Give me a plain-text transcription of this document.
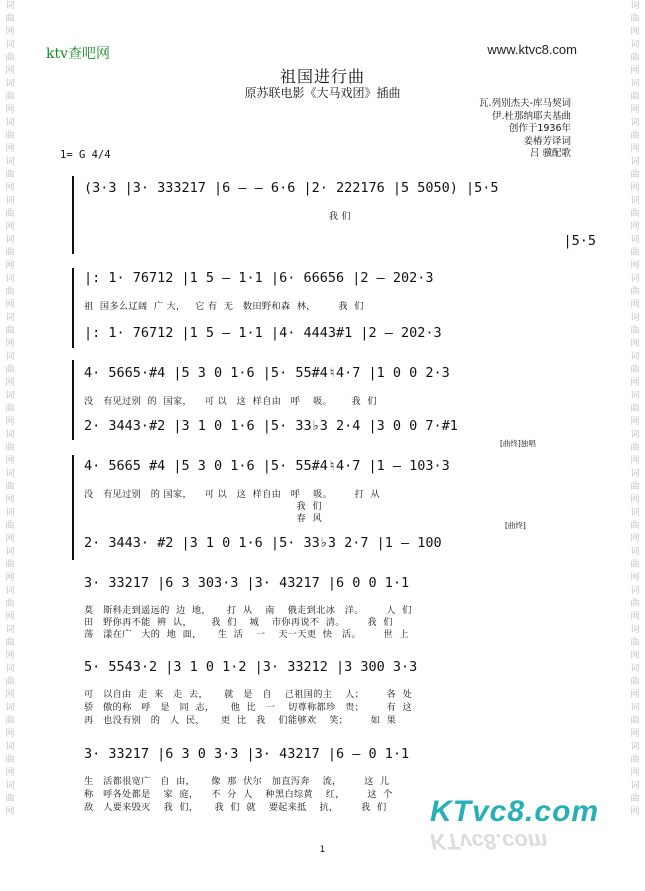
词曲网词曲网词曲网词曲网词曲网词曲网词曲网词曲网词曲网词曲网词曲网词曲网词曲网词曲网词曲网词曲网词曲网词曲网词曲网词曲网词曲网
词曲网词曲网词曲网词曲网词曲网词曲网词曲网词曲网词曲网词曲网词曲网词曲网词曲网词曲网词曲网词曲网词曲网词曲网词曲网词曲网词曲网
ktv查吧网	www.ktvc8.com
祖国进行曲
原苏联电影《大马戏团》插曲
瓦.列别杰夫-库马契词
伊.杜那纳耶夫基曲
创作于1936年
姜椿芳译词
吕 骥配歌
1= G 4/4
(3·3 |3· 333217 |6 — — 6·6 |2· 222176 |5 5050) |5·5
我 们
|5·5
|: 1· 76712 |1 5 — 1·1 |6· 66656 |2 — 202·3
祖  国多么辽阔  广 大，   它 有  无   数田野和森  林，       我  们
|: 1· 76712 |1 5 — 1·1 |4· 4443#1 |2 — 202·3
4· 5665·#4 |5 3 0 1·6 |5· 55#4♮4·7 |1 0 0 2·3
没   有见过别  的  国家，    可 以   这  样自由   呼    吸。      我  们
2· 3443·#2 |3 1 0 1·6 |5· 33♭3 2·4 |3 0 0 7·#1
[曲终]独唱
4· 5665 #4 |5 3 0 1·6 |5· 55#4♮4·7 |1 — 103·3
没   有见过别   的 国家，    可 以   这  样自由   呼    吸。       打  从
我  们
春  风
[曲终]
2· 3443· #2 |3 1 0 1·6 |5· 33♭3 2·7 |1 — 100
3· 33217 |6 3 303·3 |3· 43217 |6 0 0 1·1
莫   斯科走到遥远的  边  地，     打  从    南    俄走到北冰   洋。       人  们
田   野你再不能  辨  认，      我  们    城    市你再说不  清。       我  们
荡   漾在广   大的  地  面，     生  活    一    天一天更  快   活。       世  上
5· 5543·2 |3 1 0 1·2 |3· 33212 |3 300 3·3
可   以自由  走  来   走  去，     就   是   自    己祖国的主    人；       各  处
骄   傲的称   呼   是   同  志，     他  比   一    切尊称都珍   贵；       有  这
再   也没有别   的   人  民，     更  比   我    们能够欢    笑；       如  果
3· 33217 |6 3 0 3·3 |3· 43217 |6 — 0 1·1
生   活都很宽广   自  由，     像  那  伏尔   加直泻奔    流，       这  儿
称   呼各处都是    家  庭，    不  分  人    种黑白综黄    红，       这  个
敌   人要来毁灭    我  们，     我  们  就    要起来抵    抗，       我  们	KTvc8.com
KTvc8.com
1
